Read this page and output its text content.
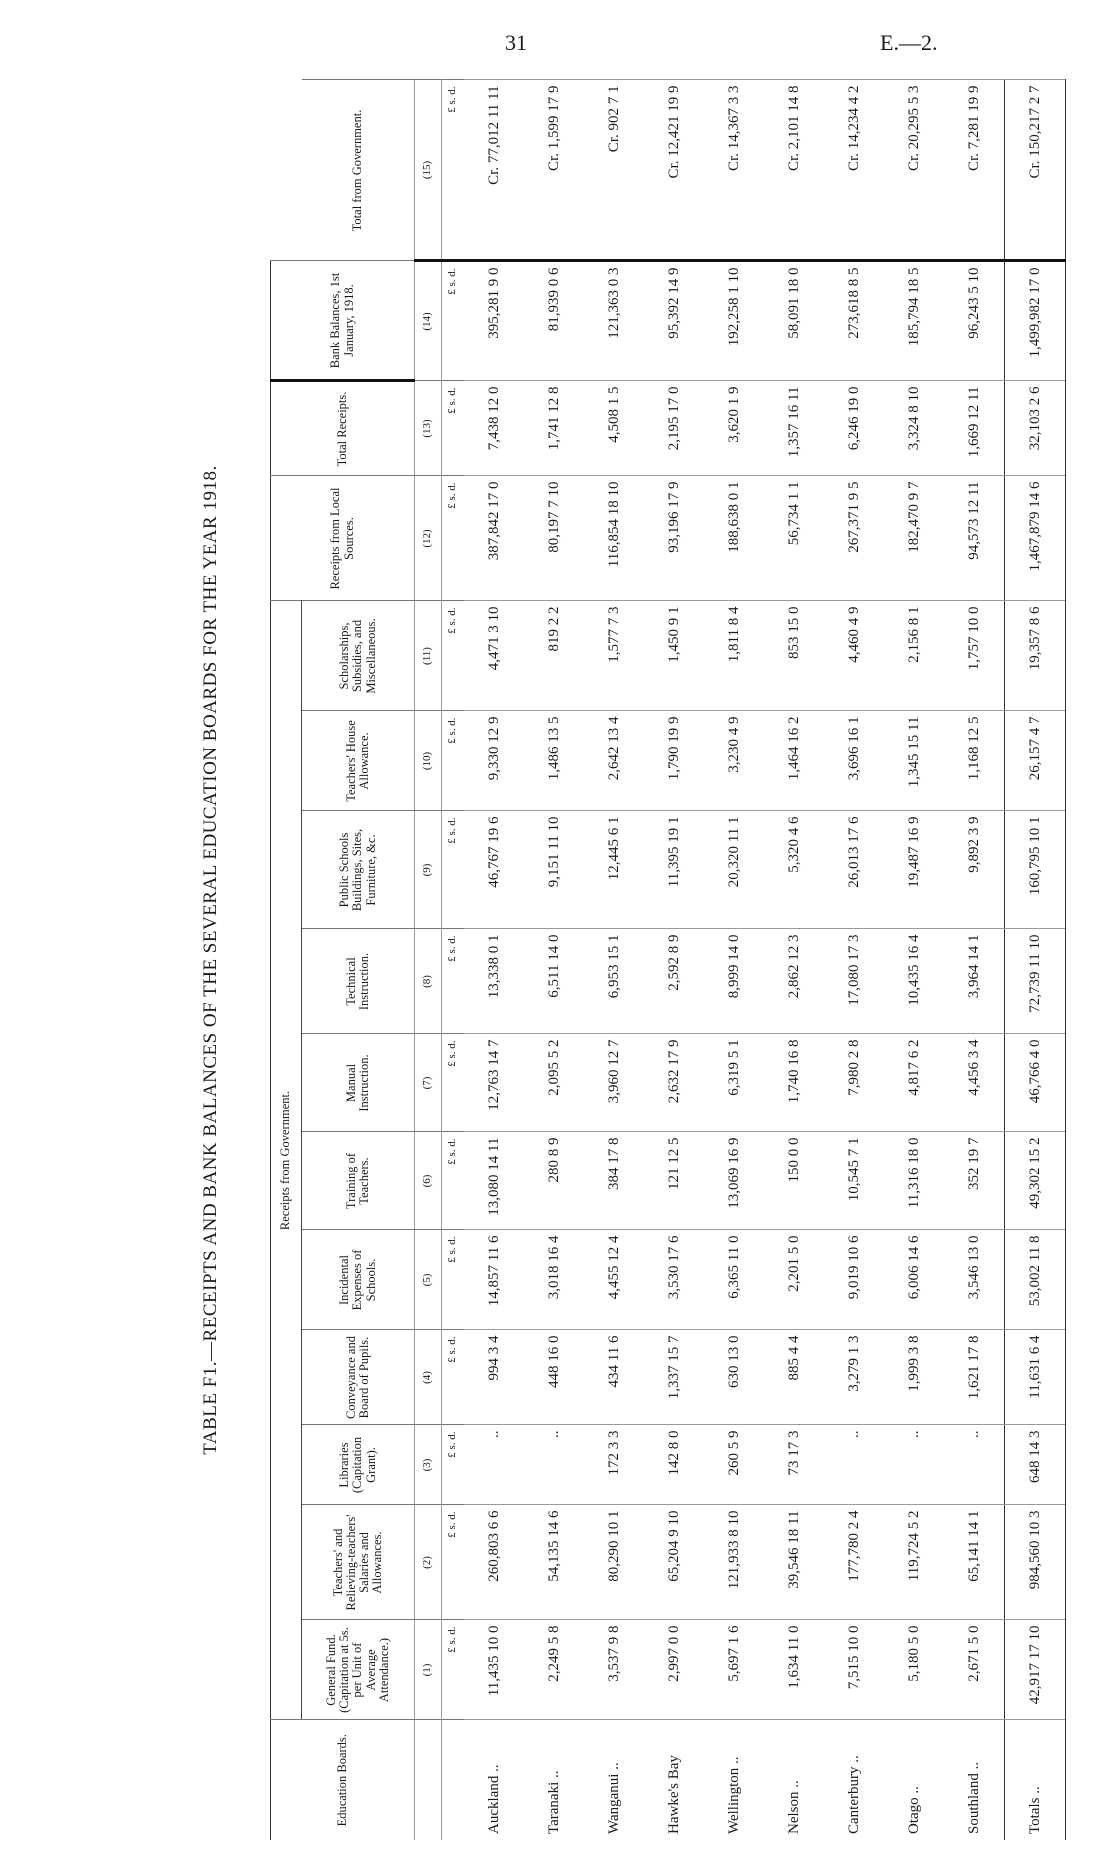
31	E.—2.
TABLE F1.—RECEIPTS AND BANK BALANCES OF THE SEVERAL EDUCATION BOARDS FOR THE YEAR 1918.
Education Boards.	Receipts from Government.											Receipts from Local Sources.	Total Receipts.	Bank Balances, 1st January, 1918.	
	General Fund. (Capitation at 5s. per Unit of Average Attendance.)	Teachers' and Relieving-teachers' Salaries and Allowances.	Libraries (Capitation Grant).	Conveyance and Board of Pupils.	Incidental Expenses of Schools.	Training of Teachers.	Manual Instruction.	Technical Instruction.	Public Schools Buildings, Sites, Furniture, &c.	Teachers' House Allowance.	Scholarships, Subsidies, and Miscellaneous.				Total from Government.
	(1)	(2)	(3)	(4)	(5)	(6)	(7)	(8)	(9)	(10)	(11)	(12)	(13)	(14)	(15)
	£ s. d.	£ s. d.	£ s. d.	£ s. d.	£ s. d.	£ s. d.	£ s. d.	£ s. d.	£ s. d.	£ s. d.	£ s. d.	£ s. d.	£ s. d.	£ s. d.	£ s. d.
Auckland ..	11,435 10 0	260,803 6 6	..	994 3 4	14,857 11 6	13,080 14 11	12,763 14 7	13,338 0 1	46,767 19 6	9,330 12 9	4,471 3 10	387,842 17 0	7,438 12 0	395,281 9 0	Cr. 77,012 11 11
Taranaki ..	2,249 5 8	54,135 14 6	..	448 16 0	3,018 16 4	280 8 9	2,095 5 2	6,511 14 0	9,151 11 10	1,486 13 5	819 2 2	80,197 7 10	1,741 12 8	81,939 0 6	Cr. 1,599 17 9
Wanganui ..	3,537 9 8	80,290 10 1	172 3 3	434 11 6	4,455 12 4	384 17 8	3,960 12 7	6,953 15 1	12,445 6 1	2,642 13 4	1,577 7 3	116,854 18 10	4,508 1 5	121,363 0 3	Cr. 902 7 1
Hawke's Bay	2,997 0 0	65,204 9 10	142 8 0	1,337 15 7	3,530 17 6	121 12 5	2,632 17 9	2,592 8 9	11,395 19 1	1,790 19 9	1,450 9 1	93,196 17 9	2,195 17 0	95,392 14 9	Cr. 12,421 19 9
Wellington ..	5,697 1 6	121,933 8 10	260 5 9	630 13 0	6,365 11 0	13,069 16 9	6,319 5 1	8,999 14 0	20,320 11 1	3,230 4 9	1,811 8 4	188,638 0 1	3,620 1 9	192,258 1 10	Cr. 14,367 3 3
Nelson ..	1,634 11 0	39,546 18 11	73 17 3	885 4 4	2,201 5 0	150 0 0	1,740 16 8	2,862 12 3	5,320 4 6	1,464 16 2	853 15 0	56,734 1 1	1,357 16 11	58,091 18 0	Cr. 2,101 14 8
Canterbury ..	7,515 10 0	177,780 2 4	..	3,279 1 3	9,019 10 6	10,545 7 1	7,980 2 8	17,080 17 3	26,013 17 6	3,696 16 1	4,460 4 9	267,371 9 5	6,246 19 0	273,618 8 5	Cr. 14,234 4 2
Otago ..	5,180 5 0	119,724 5 2	..	1,999 3 8	6,006 14 6	11,316 18 0	4,817 6 2	10,435 16 4	19,487 16 9	1,345 15 11	2,156 8 1	182,470 9 7	3,324 8 10	185,794 18 5	Cr. 20,295 5 3
Southland ..	2,671 5 0	65,141 14 1	..	1,621 17 8	3,546 13 0	352 19 7	4,456 3 4	3,964 14 1	9,892 3 9	1,168 12 5	1,757 10 0	94,573 12 11	1,669 12 11	96,243 5 10	Cr. 7,281 19 9
Totals ..	42,917 17 10	984,560 10 3	648 14 3	11,631 6 4	53,002 11 8	49,302 15 2	46,766 4 0	72,739 11 10	160,795 10 1	26,157 4 7	19,357 8 6	1,467,879 14 6	32,103 2 6	1,499,982 17 0	Cr. 150,217 2 7
